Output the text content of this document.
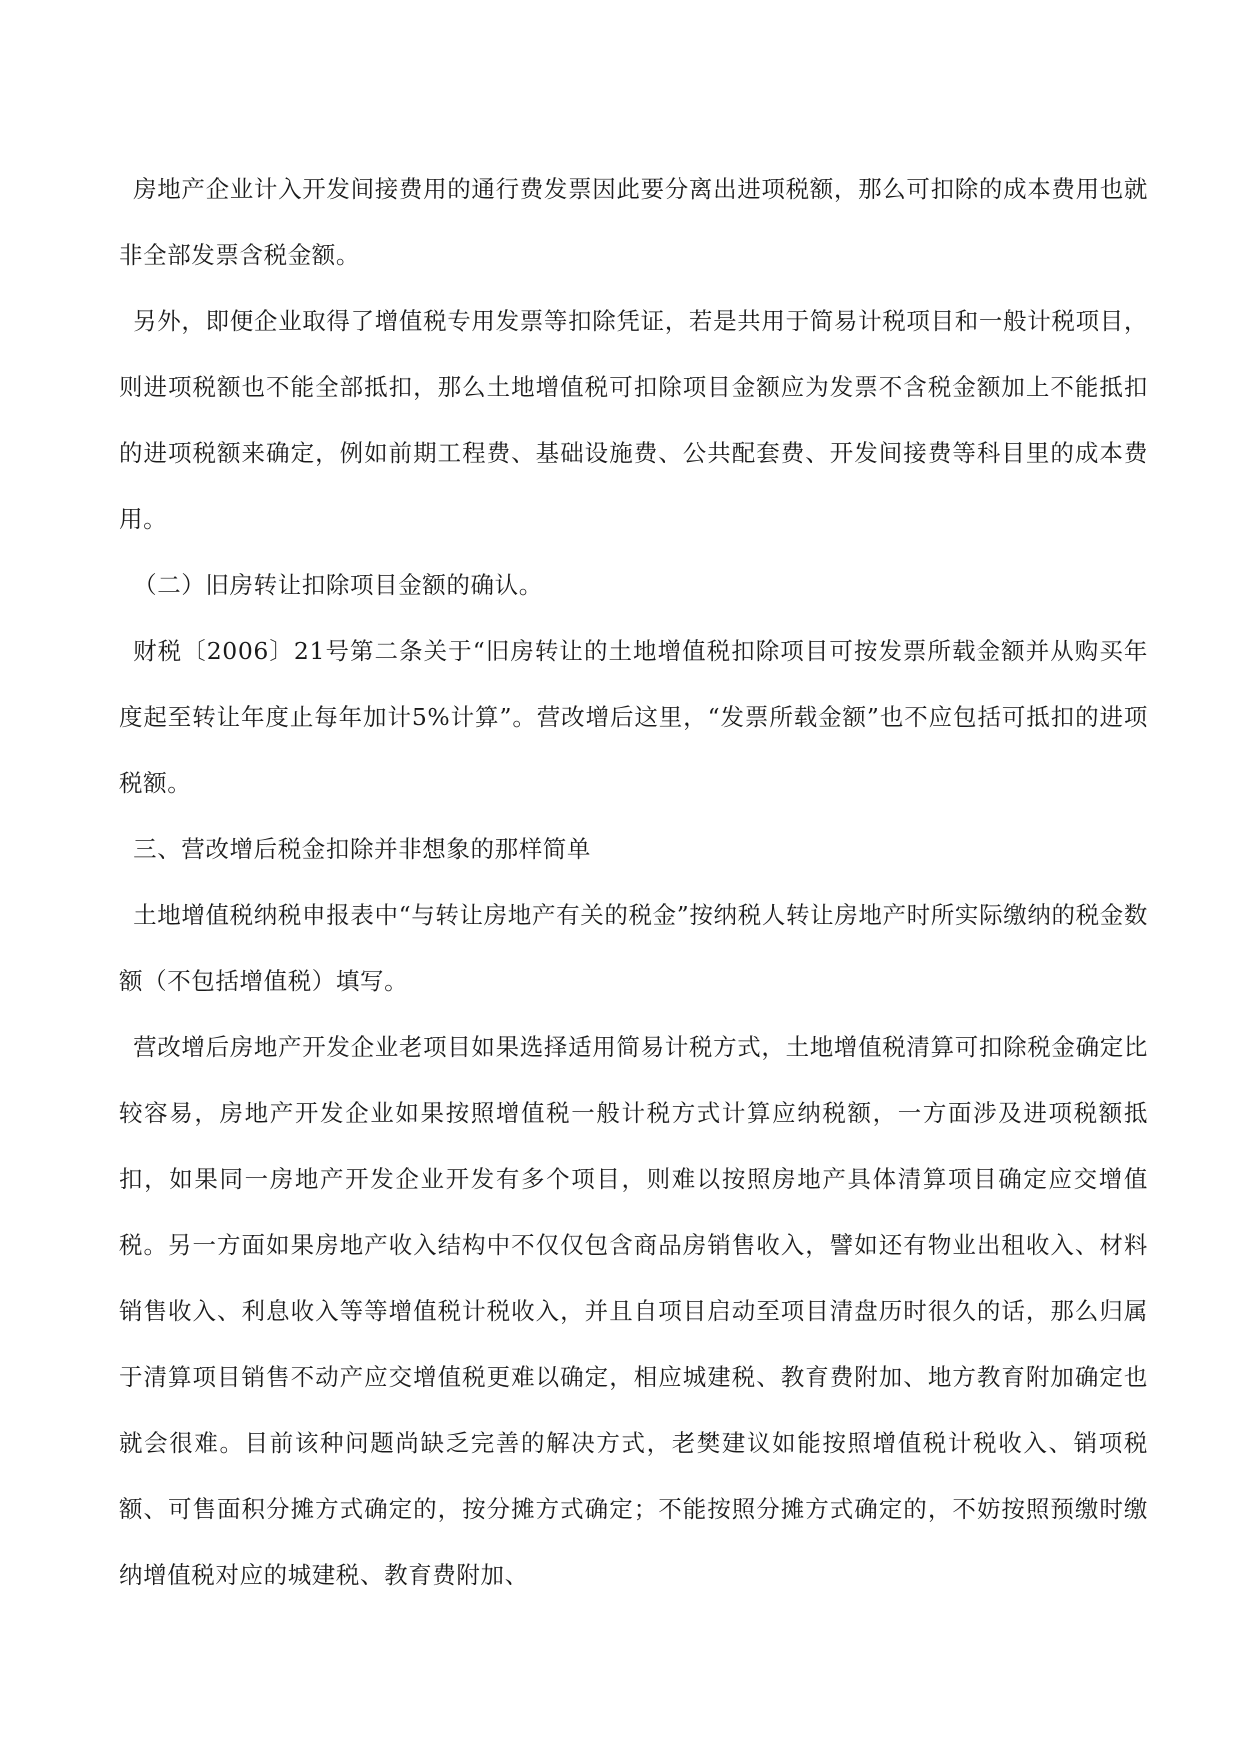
房地产企业计入开发间接费用的通行费发票因此要分离出进项税额，那么可扣除的成本费用也就非全部发票含税金额。

另外，即便企业取得了增值税专用发票等扣除凭证，若是共用于简易计税项目和一般计税项目，则进项税额也不能全部抵扣，那么土地增值税可扣除项目金额应为发票不含税金额加上不能抵扣的进项税额来确定，例如前期工程费、基础设施费、公共配套费、开发间接费等科目里的成本费用。

（二）旧房转让扣除项目金额的确认。

财税〔2006〕21号第二条关于“旧房转让的土地增值税扣除项目可按发票所载金额并从购买年度起至转让年度止每年加计5%计算”。营改增后这里，“发票所载金额”也不应包括可抵扣的进项税额。

三、营改增后税金扣除并非想象的那样简单

土地增值税纳税申报表中“与转让房地产有关的税金”按纳税人转让房地产时所实际缴纳的税金数额（不包括增值税）填写。

营改增后房地产开发企业老项目如果选择适用简易计税方式，土地增值税清算可扣除税金确定比较容易，房地产开发企业如果按照增值税一般计税方式计算应纳税额，一方面涉及进项税额抵扣，如果同一房地产开发企业开发有多个项目，则难以按照房地产具体清算项目确定应交增值税。另一方面如果房地产收入结构中不仅仅包含商品房销售收入，譬如还有物业出租收入、材料销售收入、利息收入等等增值税计税收入，并且自项目启动至项目清盘历时很久的话，那么归属于清算项目销售不动产应交增值税更难以确定，相应城建税、教育费附加、地方教育附加确定也就会很难。目前该种问题尚缺乏完善的解决方式，老樊建议如能按照增值税计税收入、销项税额、可售面积分摊方式确定的，按分摊方式确定；不能按照分摊方式确定的，不妨按照预缴时缴纳增值税对应的城建税、教育费附加、
